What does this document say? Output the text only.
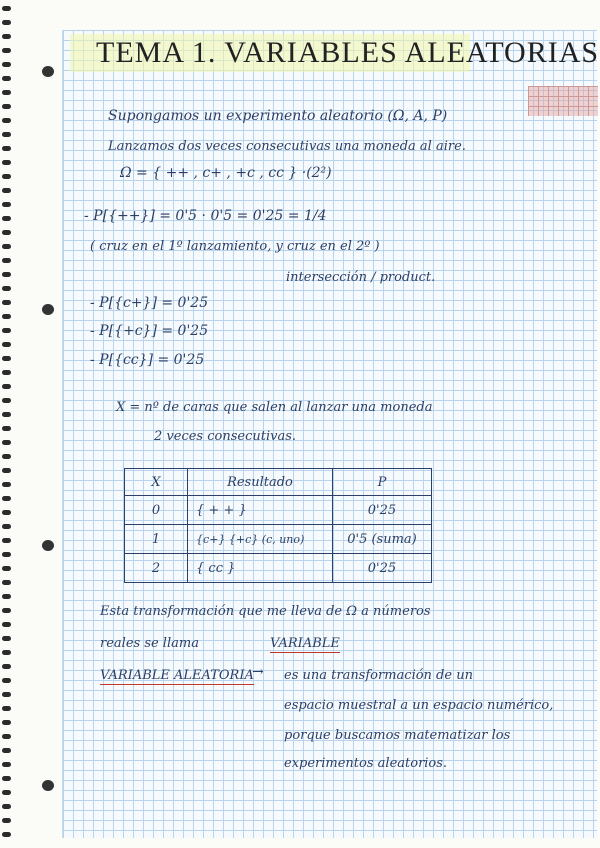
TEMA 1. VARIABLES ALEATORIAS
Supongamos un experimento aleatorio (Ω, A, P)
Lanzamos dos veces consecutivas una moneda al aire.
Ω = { ++ , c+ , +c , cc } ·(2²)
- P[{++}] = 0'5 · 0'5 = 0'25 = 1/4
( cruz en el 1º lanzamiento, y cruz en el 2º )
intersección / product.
- P[{c+}] = 0'25
- P[{+c}] = 0'25
- P[{cc}] = 0'25
X = nº de caras que salen al lanzar una moneda
2 veces consecutivas.
X	Resultado	P
0	{ + + }	0'25
1	{c+} {+c} (c, uno)	0'5 (suma)
2	{ cc }	0'25
Esta transformación que me lleva de Ω a números
reales se llama	VARIABLE
VARIABLE ALEATORIA
→ es una transformación de un
espacio muestral a un espacio numérico,
porque buscamos matematizar los
experimentos aleatorios.
